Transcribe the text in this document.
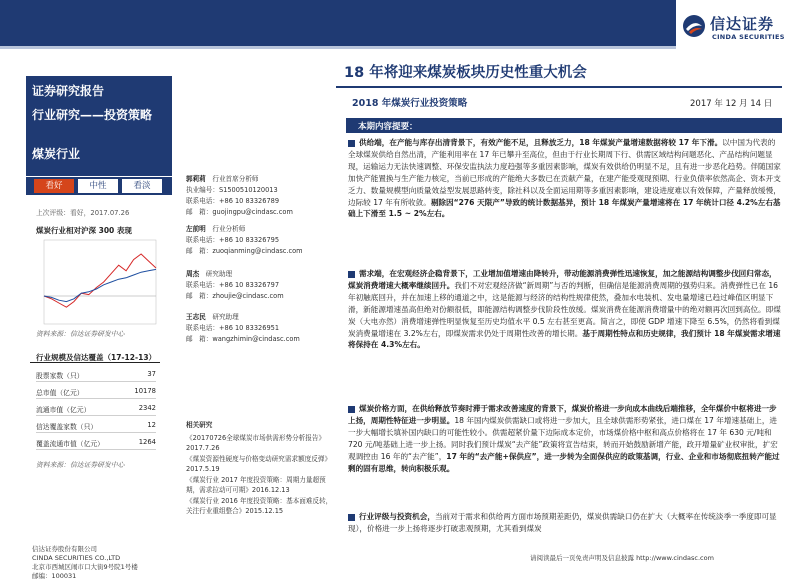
信达证券
CINDA SECURITIES
证券研究报告
行业研究——投资策略
煤炭行业
看好	中性	看淡
上次评级：看好，2017.07.26
煤炭行业相对沪深 300 表现
资料来源：信达证券研发中心
行业规模及信达覆盖（17-12-13）
股票家数（只）	37
总市值（亿元）	10178
流通市值（亿元）	2342
信达覆盖家数（只）	12
覆盖流通市值（亿元）	1264
资料来源：信达证券研发中心
信达证券股份有限公司
CINDA SECURITIES CO.,LTD
北京市西城区闹市口大街9号院1号楼
邮编：100031
郭莉莉　 行业首席分析师
执业编号：S1500510120013
联系电话：+86 10 83326789
邮　箱：guojingpu@cindasc.com
左前明　 行业分析师
联系电话：+86 10 83326795
邮　箱：zuoqianming@cindasc.com
周杰　 研究助理
联系电话：+86 10 83326797
邮　箱：zhoujie@cindasc.com
王志民　 研究助理
联系电话：+86 10 83326951
邮　箱：wangzhimin@cindasc.com
相关研究
《20170726全球煤炭市场供需形势分析报告》2017.7.26
《煤炭资源性硬度与价格变动研究需求额度反弹》2017.5.19
《煤炭行业 2017 年度投资策略：周期力量超预期，需求拉动可可期》2016.12.13
《煤炭行业 2016 年度投资策略：基本面难反转，关注行业重组整合》2015.12.15
18 年将迎来煤炭板块历史性重大机会
2018 年煤炭行业投资策略	2017 年 12 月 14 日
本期内容提要：
供给端，在产能与库存出清背景下，有效产能不足，且释放乏力，18 年煤炭产量增速数据将较 17 年下滑。以中国为代表的全球煤炭供给自然出清，产能利用率在 17 年已攀升至高位，但由于行业长期周下行、供需区域结构问题恶化、产品结构问题显现，运输运力无法快速调整、环保安监执法力度趋强等多重因素影响，煤炭有效供给仍明显不足，且有进一步恶化趋势。伴随国家加快产能置换与生产能力核定，当前已形成的产能绝大多数已在贡献产量，在建产能受观现预期、行业负债率依然高企、资本开支乏力、数量规模型向质量效益型发展思路转变，除社科以及全面运用期等多重因素影响，建设进度难以有效保障，产量释放缓慢，边际较 17 年有所收敛。剔除因“276 天限产”导致的统计数据基异，预计 18 年煤炭产量增速将在 17 年统计口径 4.2%左右基础上下滑至 1.5 ~ 2%左右。
需求端，在宏观经济企稳背景下，工业增加值增速由降转升，带动能源消费弹性迅速恢复，加之能源结构调整步伐回归常态，煤炭消费增速大概率继续回升。我们不对宏观经济做“新周期”与否的判断，但确信是能源消费周期的强势归来。消费弹性已在 16 年初触底回升，并在加速上移的通道之中，这是能源与经济的结构性规律使然，叠加水电装机、发电量增速已趋过峰值区明显下滑，新能源增速虽高但绝对份额很低，即能源结构调整步伐阶段性放缓。煤炭消费在能源消费增量中的绝对额再次回到高位。即煤炭（大电亦然）消费增速弹性明显恢复至历史均值水平 0.5 左右甚至更高。简言之，即使 GDP 增速下降至 6.5%，仍然将看到煤炭消费量增速在 3.2%左右，即煤炭需求仍处于周期性改善的增长期。基于周期性特点和历史规律，我们预计 18 年煤炭需求增速将保持在 4.3%左右。
煤炭价格方面，在供给释放节奏时滞于需求改善速度的背景下，煤炭价格进一步向成本曲线后端推移，全年煤价中枢将进一步上扬，周期性特征进一步明显。18 年国内煤炭供需缺口或将进一步加大，且全球供需形势紧张，进口煤在 17 年增速基础上，进一步大幅增长填补国内缺口的可能性较小。供需超紧价量下边际成本定价，市场煤价格中枢和高点价格将在 17 年 630 元/吨和 720 元/吨基础上进一步上扬。同时我们预计煤炭“去产能”政策将宣告结束，转而开始鼓励新增产能，政开增量矿业权审批，扩宏观调控由 16 年的“去产能”，17 年的“去产能+保供应”，进一步转为全面保供应的政策基调，行业、企业和市场彻底扭转产能过剩的固有思维，转向积极乐观。
行业评级与投资机会，当前对于需求和供给两方面市场预期差距仍，煤炭供需缺口仍在扩大（大概率在传统淡季一季度即可显现），价格进一步上扬将逐步打破悲观预期，尤其看到煤炭
请阅读最后一页免责声明及信息披露 http://www.cindasc.com
